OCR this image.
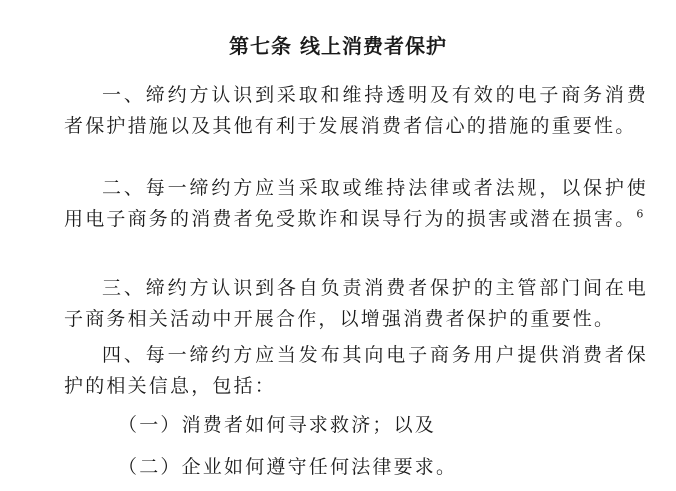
第七条 线上消费者保护

一、缔约方认识到采取和维持透明及有效的电子商务消费者保护措施以及其他有利于发展消费者信心的措施的重要性。

二、每一缔约方应当采取或维持法律或者法规，以保护使用电子商务的消费者免受欺诈和误导行为的损害或潜在损害。$^6$

三、缔约方认识到各自负责消费者保护的主管部门间在电子商务相关活动中开展合作，以增强消费者保护的重要性。

四、每一缔约方应当发布其向电子商务用户提供消费者保护的相关信息，包括：

（一）消费者如何寻求救济；以及
（二）企业如何遵守任何法律要求。
